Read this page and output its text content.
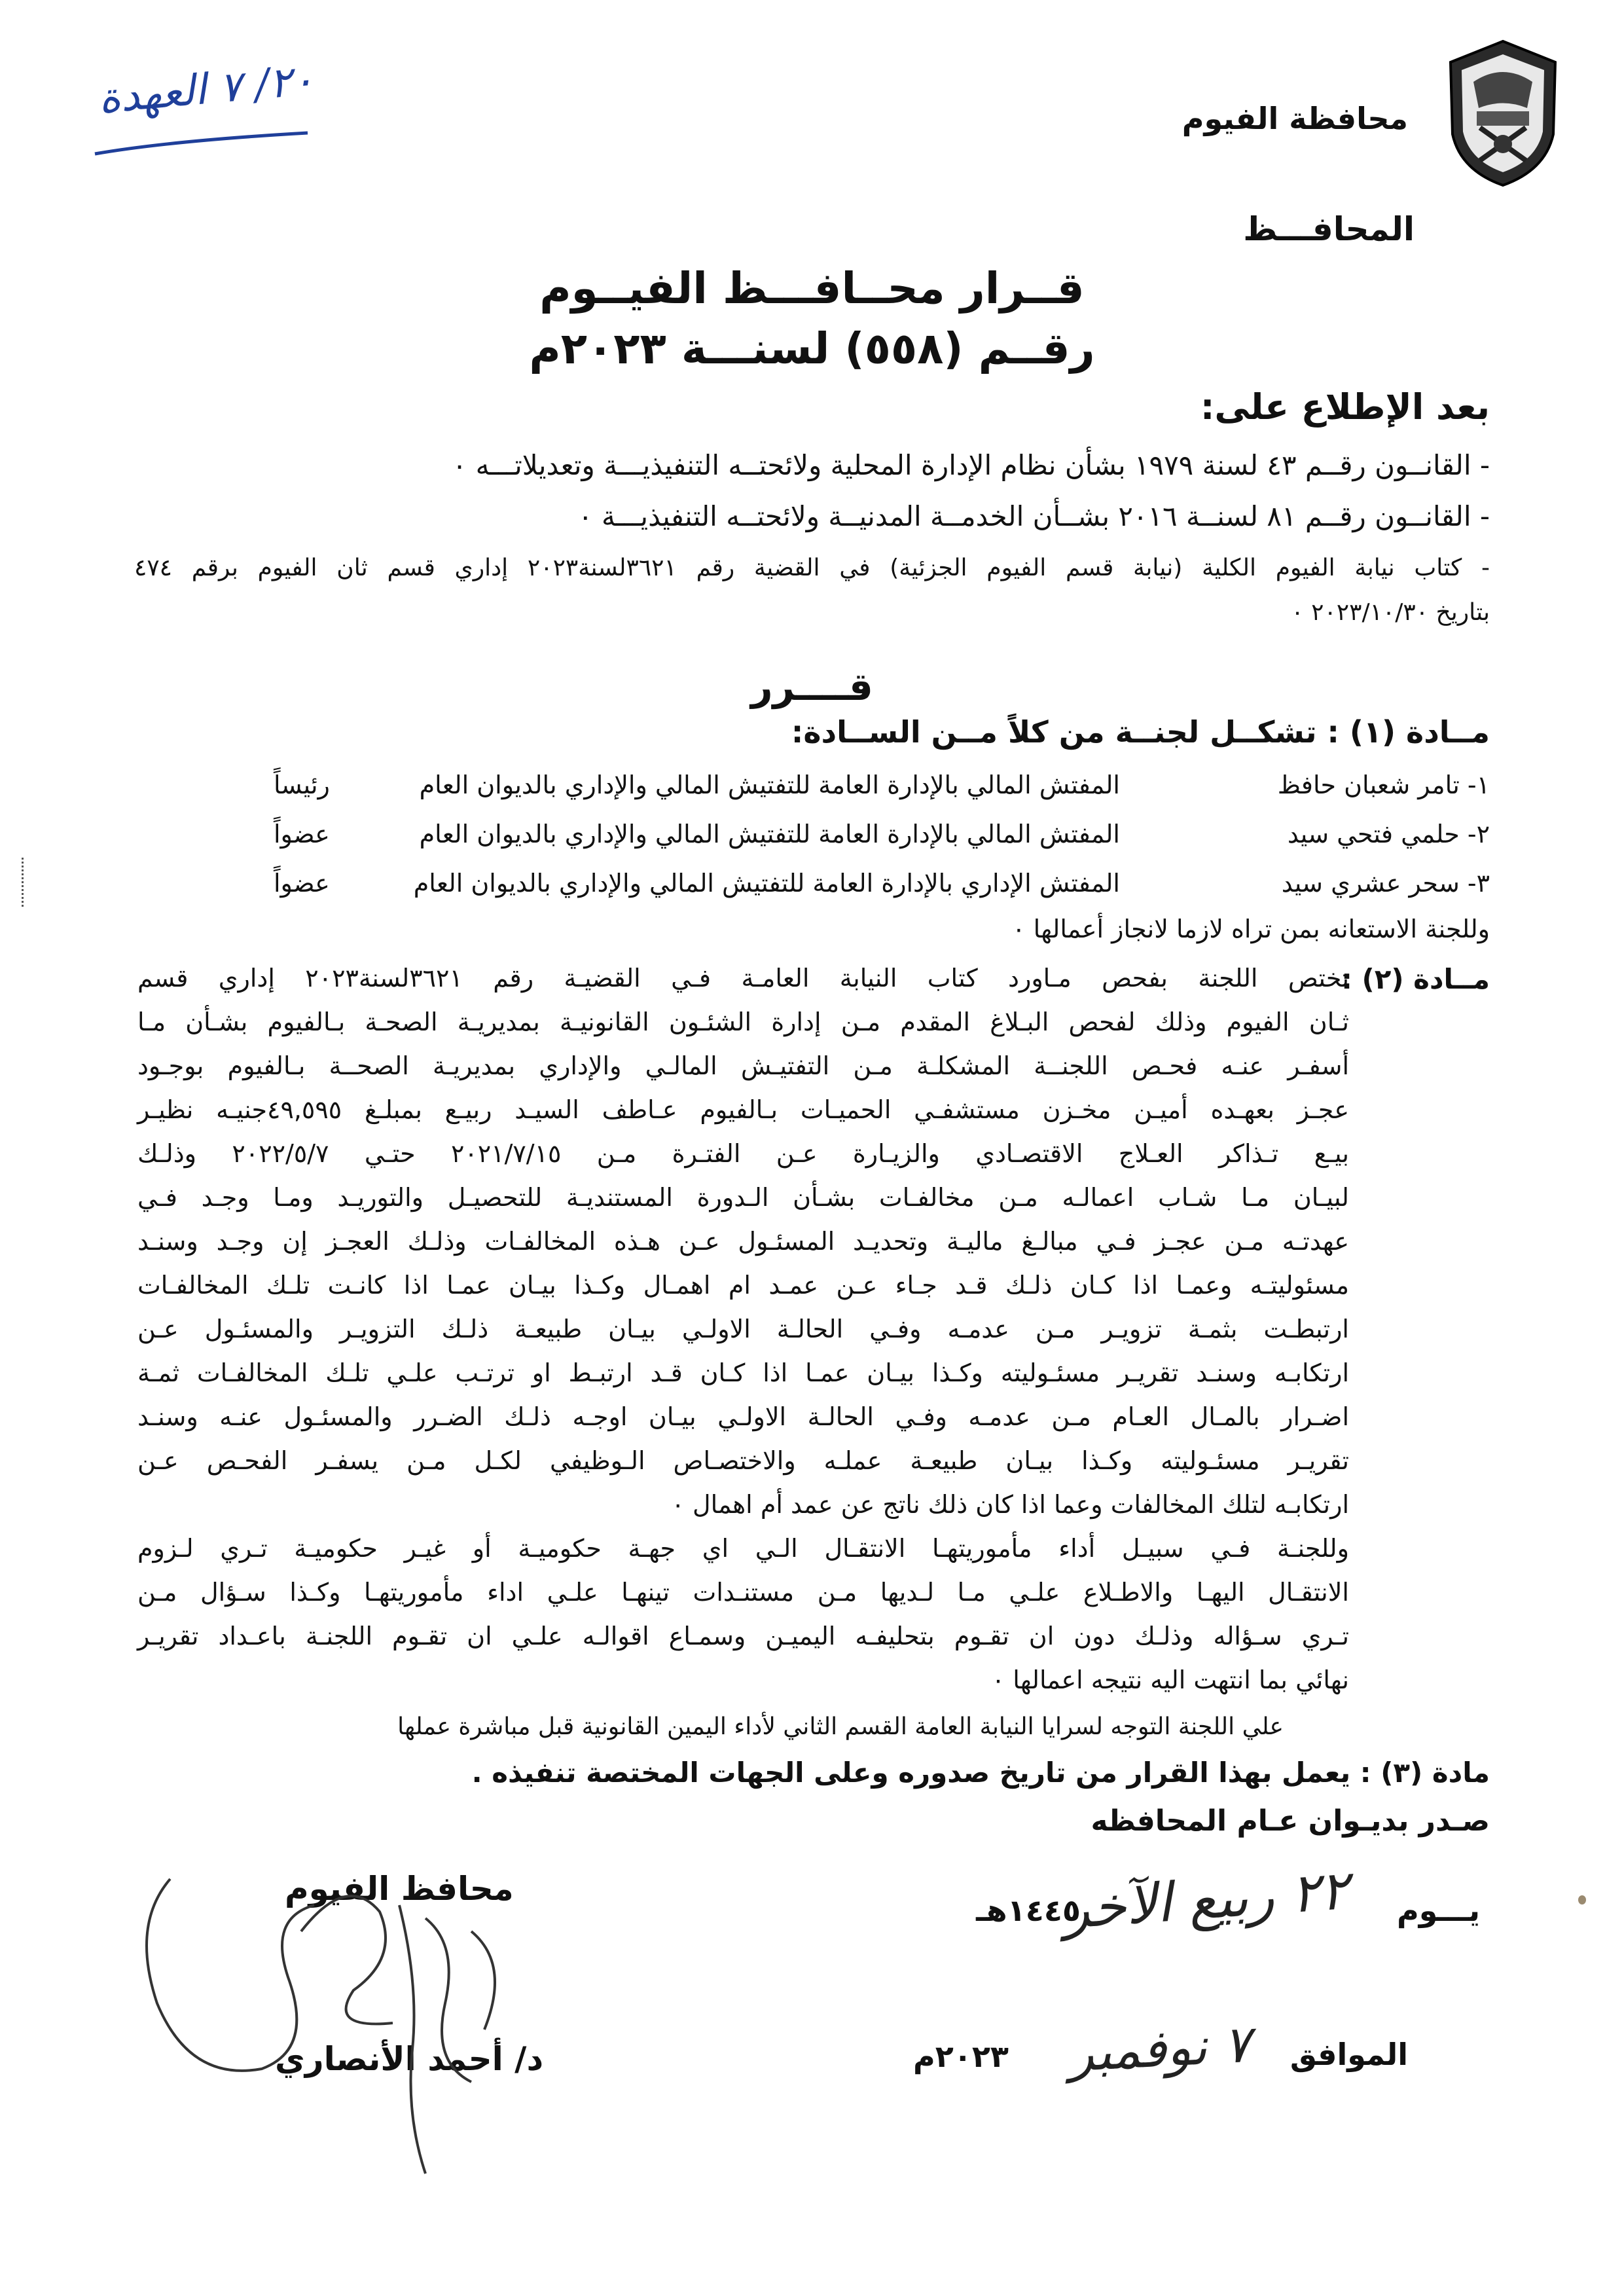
محافظة الفيوم
المحافـــظ
٢٠/ ٧ العهدة
قــرار محــافـــظ الفيــوم
رقــم (٥٥٨) لسنـــة ٢٠٢٣م
بعد الإطلاع على:
- القانــون رقــم ٤٣ لسنة ١٩٧٩ بشأن نظام الإدارة المحلية ولائحتــه التنفيذيـــة وتعديلاتـــه ٠
- القانــون رقــم ٨١ لسنــة ٢٠١٦ بشــأن الخدمــة المدنيــة ولائحتــه التنفيذيـــة ٠
- كتاب نيابة الفيوم الكلية (نيابة قسم الفيوم الجزئية) في القضية رقم ٣٦٢١لسنة٢٠٢٣ إداري قسم ثان الفيوم برقم ٤٧٤
بتاريخ ٢٠٢٣/١٠/٣٠ ٠
قــــرر
مــادة (١) : تشكــل لجنــة من كلاً مــن الســادة:
١- تامر شعبان حافظ
المفتش المالي بالإدارة العامة للتفتيش المالي والإداري بالديوان العام
رئيساً
٢- حلمي فتحي سيد
المفتش المالي بالإدارة العامة للتفتيش المالي والإداري بالديوان العام
عضواً
٣- سحر عشري سيد
المفتش الإداري بالإدارة العامة للتفتيش المالي والإداري بالديوان العام
عضواً
وللجنة الاستعانه بمن تراه لازما لانجاز أعمالها ٠
مــادة (٢) :
تختص اللجنة بفحص مـاورد كتاب النيابة العامـة فـي القضيـة رقم ٣٦٢١لسنة٢٠٢٣ إداري قسم
ثـان الفيوم وذلك لفحص البـلاغ المقدم مـن إدارة الشئـون القانونيـة بمديريـة الصحـة بـالفيوم بشـأن مـا
أسفـر عنـه فحـص اللجنــة المشكلـة مـن التفتيـش المالـي والإداري بمديريـة الصحــة بـالفيوم بوجـود
عجـز بعهـده أميـن مخـزن مستشفـي الحميـات بـالفيوم عـاطف السيـد ربيـع بمبلـغ ٤٩,٥٩٥جنيـه نظيـر
بيـع تـذاكر العـلاج الاقتصـادي والزيـارة عـن الفتـرة مـن ٢٠٢١/٧/١٥ حتـي ٢٠٢٢/٥/٧ وذلـك
لبيـان مـا شـاب اعمالـه مـن مخالفـات بشـأن الـدورة المستنديـة للتحصيـل والتوريـد ومـا وجـد فـي
عهدتـه مـن عجـز فـي مبالـغ ماليـة وتحديـد المسئـول عـن هـذه المخالفـات وذلـك العجـز إن وجـد وسنـد
مسئوليتـه وعمـا اذا كـان ذلـك قـد جـاء عـن عمـد ام اهمـال وكـذا بيـان عمـا اذا كانـت تلـك المخالفـات
ارتبطـت بثمـة تزويـر مـن عدمـه وفـي الحالـة الاولـي بيـان طبيعـة ذلـك التزويـر والمسئـول عـن
ارتكابـه وسنـد تقريـر مسئـوليته وكـذا بيـان عمـا اذا كـان قـد ارتبـط او ترتـب علـي تلـك المخالفـات ثمـة
اضـرار بالمـال العـام مـن عدمـه وفـي الحالـة الاولـي بيـان اوجـه ذلـك الضـرر والمسئـول عنـه وسنـد
تقريـر مسئـوليته وكـذا بيـان طبيعـة عملـه والاختصـاص الـوظيفي لكـل مـن يسفـر الفحـص عـن
ارتكابـه لتلك المخالفات وعما اذا كان ذلك ناتج عن عمد أم اهمال ٠
وللجنـة فـي سبيـل أداء مأموريتهـا الانتقـال الـي اي جهـة حكوميـة أو غيـر حكوميـة تـري لـزوم
الانتقـال اليهـا والاطـلاع علـي مـا لـديها مـن مستنـدات تينهـا علـي اداء مأموريتهـا وكـذا سـؤال مـن
تـري سـؤاله وذلـك دون ان تقـوم بتحليفـه اليميـن وسمـاع اقوالـه علـي ان تقـوم اللجنـة باعـداد تقريـر
نهائي بما انتهت اليه نتيجه اعمالها ٠
علي اللجنة التوجه لسرايا النيابة العامة القسم الثاني لأداء اليمين القانونية قبل مباشرة عملها
مادة (٣) : يعمل بهذا القرار من تاريخ صدوره وعلى الجهات المختصة تنفيذه .
صـدر بديـوان عـام المحافظه
يـــوم
٢٢ ربيع الآخر
١٤٤٥هـ
الموافق
٧ نوفمبر
٢٠٢٣م
محافظ الفيوم
د/ أحمد الأنصاري
